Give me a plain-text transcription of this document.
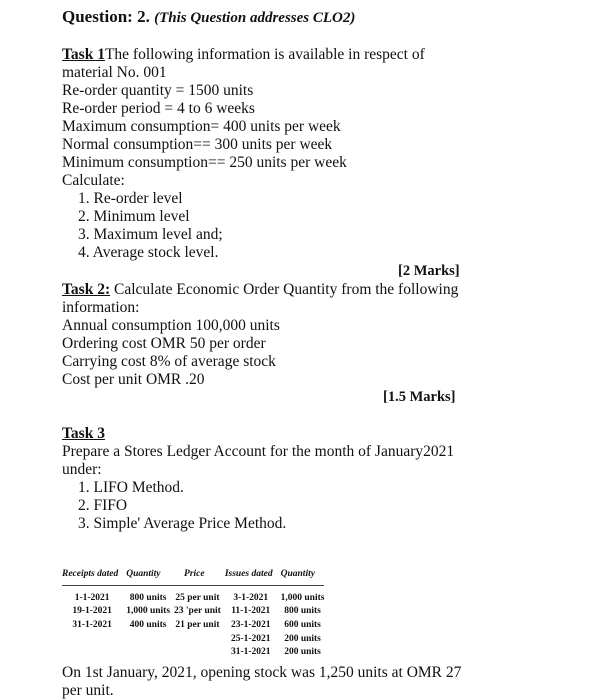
Question: 2. (This Question addresses CLO2)
Task 1The following information is available in respect of
material No. 001
Re-order quantity = 1500 units
Re-order period = 4 to 6 weeks
Maximum consumption= 400 units per week
Normal consumption== 300 units per week
Minimum consumption== 250 units per week
Calculate:
1. Re-order level
2. Minimum level
3. Maximum level and;
4. Average stock level.
[2 Marks]
Task 2: Calculate Economic Order Quantity from the following
information:
Annual consumption 100,000 units
Ordering cost OMR 50 per order
Carrying cost 8% of average stock
Cost per unit OMR .20
[1.5 Marks]
Task 3
Prepare a Stores Ledger Account for the month of January2021
under:
1. LIFO Method.
2. FIFO
3. Simple' Average Price Method.
Receipts dated	Quantity	Price	Issues dated	Quantity

1-1-2021	800 units	25 per unit	3-1-2021	1,000 units
19-1-2021	1,000 units	23 'per unit	11-1-2021	800 units
31-1-2021	400 units	21 per unit	23-1-2021	600 units
			25-1-2021	200 units
			31-1-2021	200 units
On 1st January, 2021, opening stock was 1,250 units at OMR 27
per unit.
